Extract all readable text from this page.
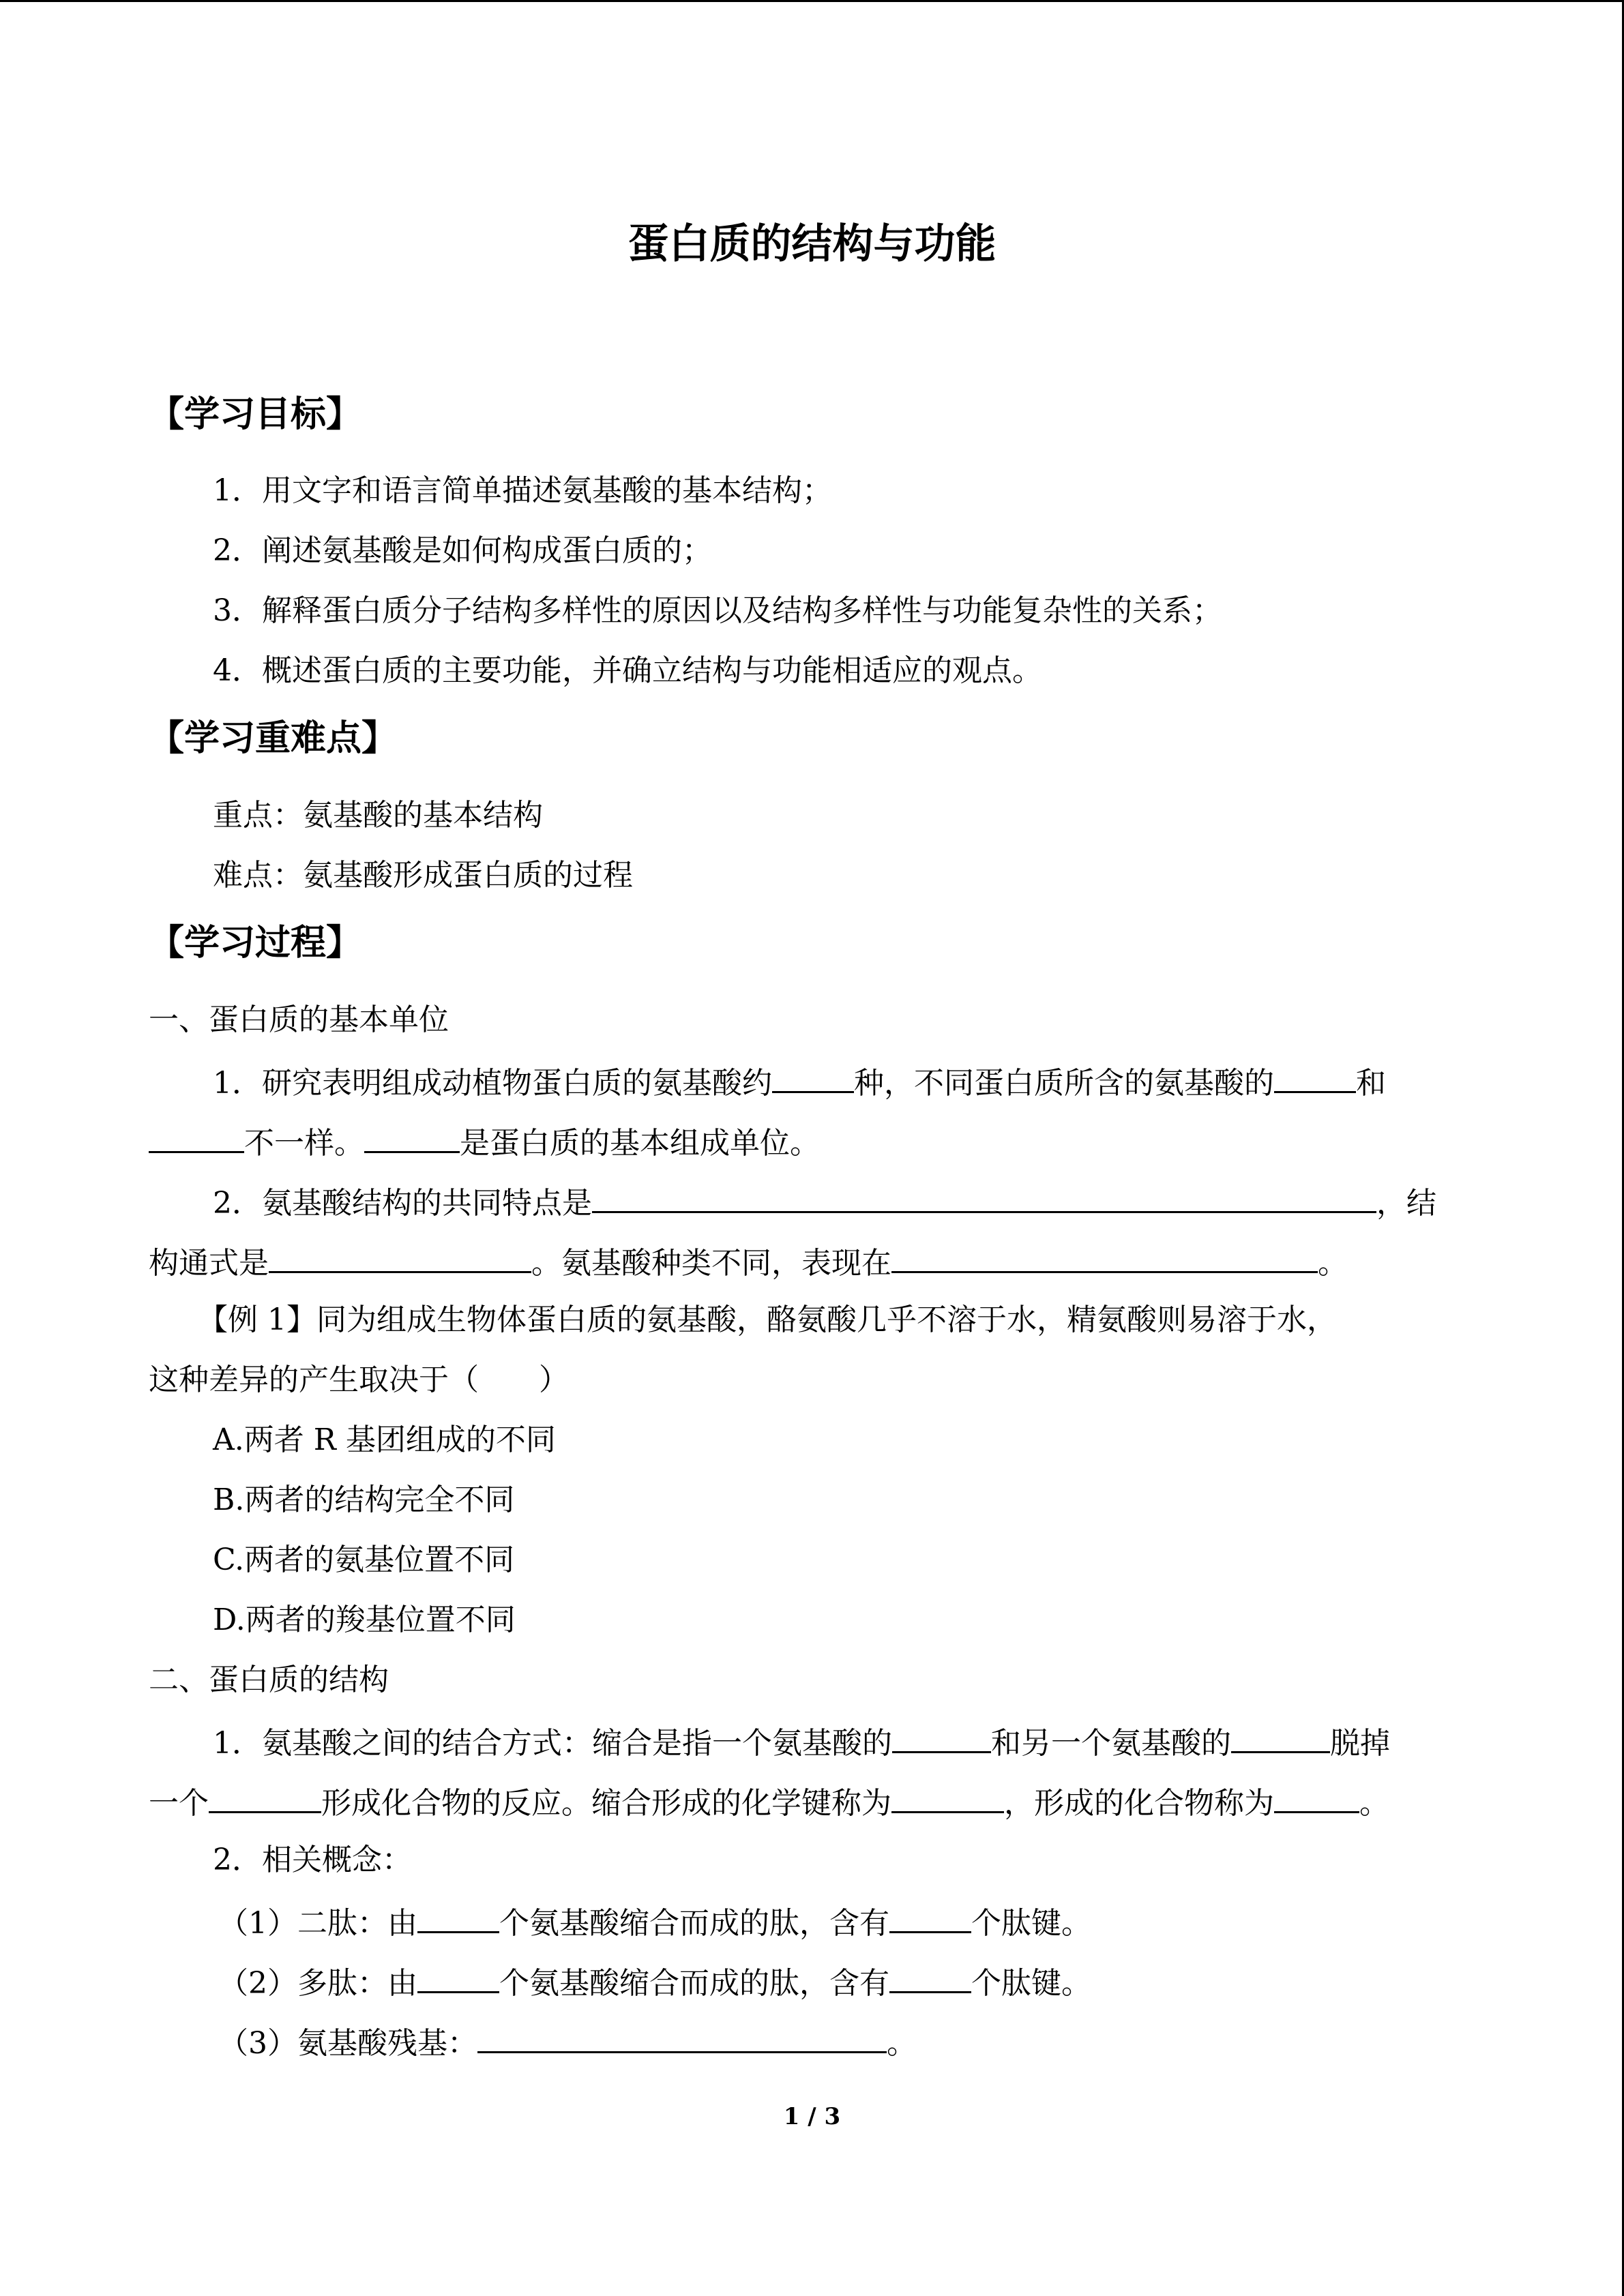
蛋白质的结构与功能
【学习目标】
1．用文字和语言简单描述氨基酸的基本结构；
2．阐述氨基酸是如何构成蛋白质的；
3．解释蛋白质分子结构多样性的原因以及结构多样性与功能复杂性的关系；
4．概述蛋白质的主要功能，并确立结构与功能相适应的观点。
【学习重难点】
重点：氨基酸的基本结构
难点：氨基酸形成蛋白质的过程
【学习过程】
一、蛋白质的基本单位
1．研究表明组成动植物蛋白质的氨基酸约	种，不同蛋白质所含的氨基酸的	和
不一样。	是蛋白质的基本组成单位。
2．氨基酸结构的共同特点是	，结
构通式是	。氨基酸种类不同，表现在	。
【例 1】同为组成生物体蛋白质的氨基酸，酪氨酸几乎不溶于水，精氨酸则易溶于水，
这种差异的产生取决于（　　）
A.两者 R 基团组成的不同
B.两者的结构完全不同
C.两者的氨基位置不同
D.两者的羧基位置不同
二、蛋白质的结构
1．氨基酸之间的结合方式：缩合是指一个氨基酸的	和另一个氨基酸的	脱掉
一个	形成化合物的反应。缩合形成的化学键称为	，形成的化合物称为	。
2．相关概念：
（1）二肽：由	个氨基酸缩合而成的肽，含有	个肽键。
（2）多肽：由	个氨基酸缩合而成的肽，含有	个肽键。
（3）氨基酸残基：	。
1 / 3
